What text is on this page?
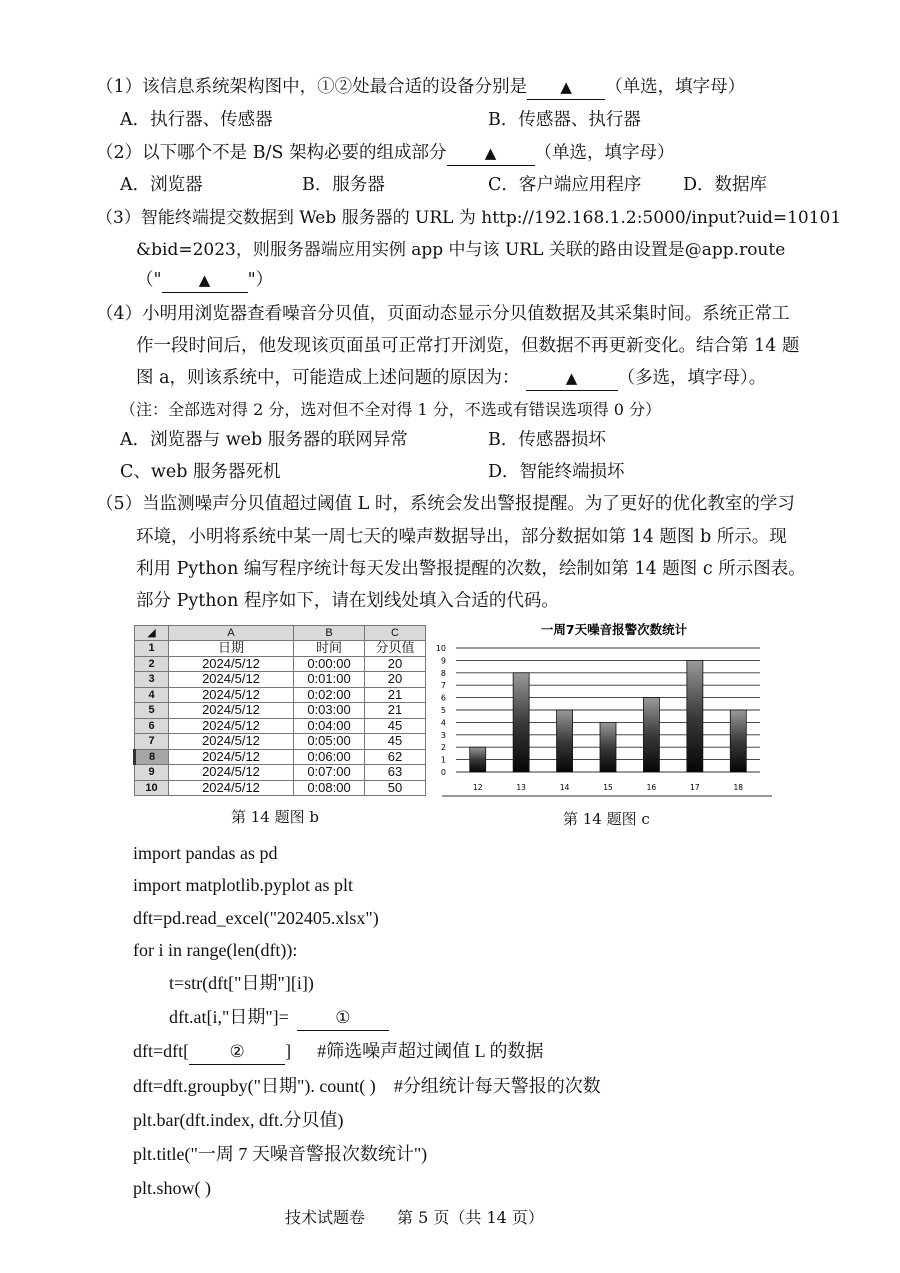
（1）该信息系统架构图中，①②处最合适的设备分别是 ▲ （单选，填字母）
A．执行器、传感器	B．传感器、执行器
（2）以下哪个不是 B/S 架构必要的组成部分	▲ （单选，填字母）
A．浏览器	B．服务器	C．客户端应用程序 D．数据库
（3）智能终端提交数据到 Web 服务器的 URL 为 http://192.168.1.2:5000/input?uid=10101
&bid=2023，则服务器端应用实例 app 中与该 URL 关联的路由设置是@app.route
（" ▲ "）
（4）小明用浏览器查看噪音分贝值，页面动态显示分贝值数据及其采集时间。系统正常工
作一段时间后，他发现该页面虽可正常打开浏览，但数据不再更新变化。结合第 14 题
图 a，则该系统中，可能造成上述问题的原因为：	▲ （多选，填字母）。
（注：全部选对得 2 分，选对但不全对得 1 分，不选或有错误选项得 0 分）
A．浏览器与 web 服务器的联网异常	B．传感器损坏
C、web 服务器死机	D．智能终端损坏
（5）当监测噪声分贝值超过阈值 L 时，系统会发出警报提醒。为了更好的优化教室的学习
环境，小明将系统中某一周七天的噪声数据导出，部分数据如第 14 题图 b 所示。现
利用 Python 编写程序统计每天发出警报提醒的次数，绘制如第 14 题图 c 所示图表。
部分 Python 程序如下，请在划线处填入合适的代码。
◢	A	B	C
1	日期	时间	分贝值
2	2024/5/12	0:00:00	20
3	2024/5/12	0:01:00	20
4	2024/5/12	0:02:00	21
5	2024/5/12	0:03:00	21
6	2024/5/12	0:04:00	45
7	2024/5/12	0:05:00	45
8	2024/5/12	0:06:00	62
9	2024/5/12	0:07:00	63
10	2024/5/12	0:08:00	50
第 14 题图 b
一周7天噪音报警次数统计
0
1
2
3
4
5
6
7
8
9
10
12	13	14	15	16	17	18
第 14 题图 c
import pandas as pd
import matplotlib.pyplot as plt
dft=pd.read_excel("202405.xlsx")
for i in range(len(dft)):
t=str(dft["日期"][i])
dft.at[i,"日期"]=	①
dft=dft[ ② ] #筛选噪声超过阈值 L 的数据
dft=dft.groupby("日期"). count( ) #分组统计每天警报的次数
plt.bar(dft.index, dft.分贝值)
plt.title("一周 7 天噪音警报次数统计")
plt.show( )
技术试题卷　　第 5 页（共 14 页）
